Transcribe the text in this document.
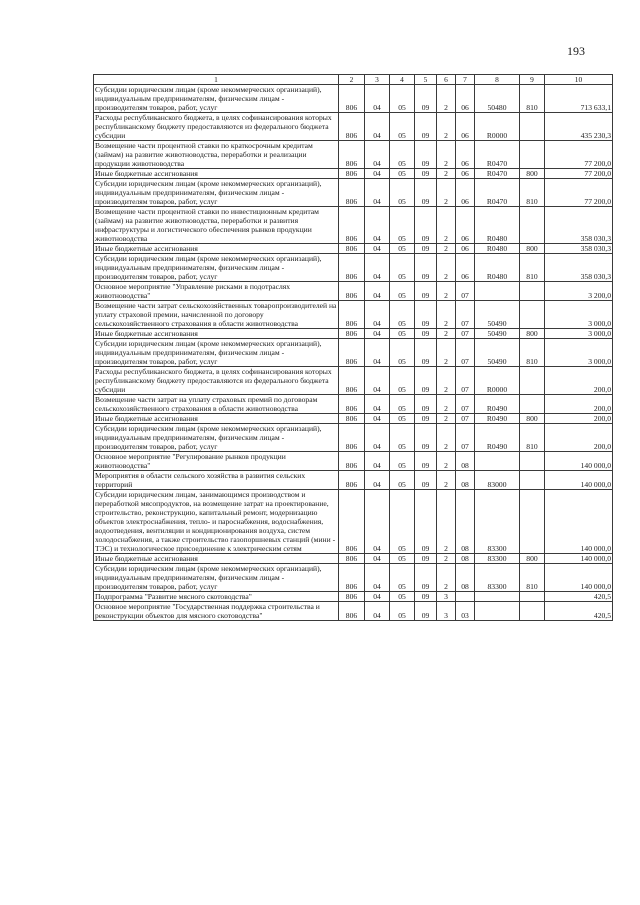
193
1	2	3	4	5	6	7	8	9	10
Субсидии юридическим лицам (кроме некоммерческих организаций), индивидуальным предпринимателям, физическим лицам - производителям товаров, работ, услуг	806	04	05	09	2	06	50480	810	713 633,1
Расходы республиканского бюджета, в целях софинансирования которых республиканскому бюджету предоставляются из федерального бюджета субсидии	806	04	05	09	2	06	R0000		435 230,3
Возмещение части процентной ставки по краткосрочным кредитам (займам) на развитие животноводства, переработки и реализации продукции животноводства	806	04	05	09	2	06	R0470		77 200,0
Иные бюджетные ассигнования	806	04	05	09	2	06	R0470	800	77 200,0
Субсидии юридическим лицам (кроме некоммерческих организаций), индивидуальным предпринимателям, физическим лицам - производителям товаров, работ, услуг	806	04	05	09	2	06	R0470	810	77 200,0
Возмещение части процентной ставки по инвестиционным кредитам (займам) на развитие животноводства, переработки и развития инфраструктуры и логистического обеспечения рынков продукции животноводства	806	04	05	09	2	06	R0480		358 030,3
Иные бюджетные ассигнования	806	04	05	09	2	06	R0480	800	358 030,3
Субсидии юридическим лицам (кроме некоммерческих организаций), индивидуальным предпринимателям, физическим лицам - производителям товаров, работ, услуг	806	04	05	09	2	06	R0480	810	358 030,3
Основное мероприятие "Управление рисками в подотраслях животноводства"	806	04	05	09	2	07			3 200,0
Возмещение части затрат сельскохозяйственных товаропроизводителей на уплату страховой премии, начисленной по договору сельскохозяйственного страхования в области животноводства	806	04	05	09	2	07	50490		3 000,0
Иные бюджетные ассигнования	806	04	05	09	2	07	50490	800	3 000,0
Субсидии юридическим лицам (кроме некоммерческих организаций), индивидуальным предпринимателям, физическим лицам - производителям товаров, работ, услуг	806	04	05	09	2	07	50490	810	3 000,0
Расходы республиканского бюджета, в целях софинансирования которых республиканскому бюджету предоставляются из федерального бюджета субсидии	806	04	05	09	2	07	R0000		200,0
Возмещение части затрат на уплату страховых премий по договорам сельскохозяйственного страхования в области животноводства	806	04	05	09	2	07	R0490		200,0
Иные бюджетные ассигнования	806	04	05	09	2	07	R0490	800	200,0
Субсидии юридическим лицам (кроме некоммерческих организаций), индивидуальным предпринимателям, физическим лицам - производителям товаров, работ, услуг	806	04	05	09	2	07	R0490	810	200,0
Основное мероприятие "Регулирование рынков продукции животноводства"	806	04	05	09	2	08			140 000,0
Мероприятия в области сельского хозяйства в развития сельских территорий	806	04	05	09	2	08	83000		140 000,0
Субсидии юридическим лицам, занимающимся производством и переработкой мясопродуктов, на возмещение затрат на проектирование, строительство, реконструкцию, капитальный ремонт, модернизацию объектов электроснабжения, тепло- и пароснабжения, водоснабжения, водоотведения, вентиляции и кондиционирования воздуха, систем холодоснабжения, а также строительство газопоршневых станций (мини - ТЭС) и технологическое присоединение к электрическим сетям	806	04	05	09	2	08	83300		140 000,0
Иные бюджетные ассигнования	806	04	05	09	2	08	83300	800	140 000,0
Субсидии юридическим лицам (кроме некоммерческих организаций), индивидуальным предпринимателям, физическим лицам - производителям товаров, работ, услуг	806	04	05	09	2	08	83300	810	140 000,0
Подпрограмма "Развитие мясного скотоводства"	806	04	05	09	3				420,5
Основное мероприятие "Государственная поддержка строительства и реконструкции объектов для мясного скотоводства"	806	04	05	09	3	03			420,5
